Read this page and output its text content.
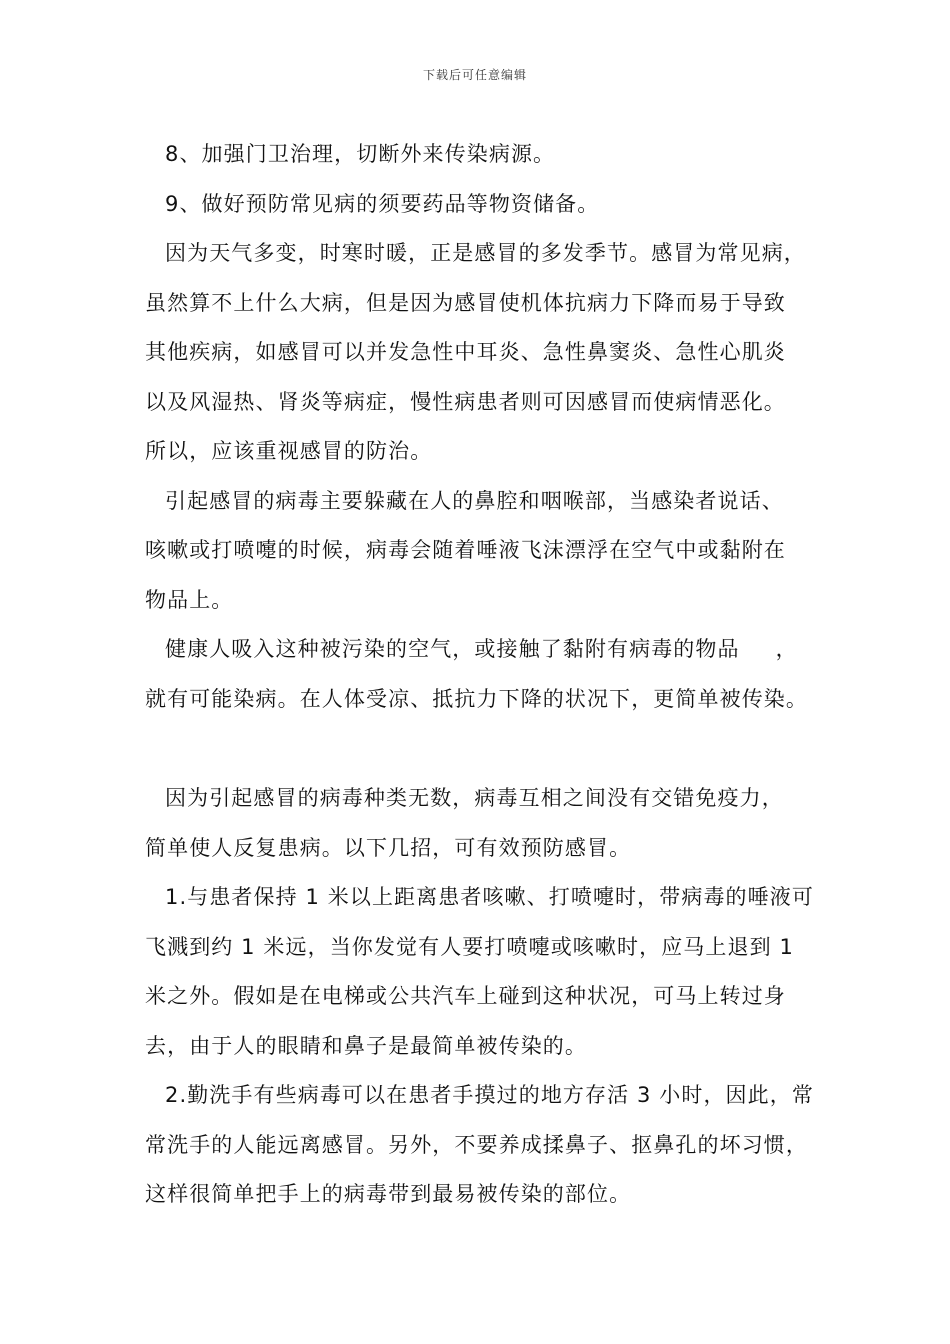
下载后可任意编辑
8、加强门卫治理，切断外来传染病源。
9、做好预防常见病的须要药品等物资储备。
因为天气多变，时寒时暖，正是感冒的多发季节。感冒为常见病，
虽然算不上什么大病，但是因为感冒使机体抗病力下降而易于导致
其他疾病，如感冒可以并发急性中耳炎、急性鼻窦炎、急性心肌炎
以及风湿热、肾炎等病症，慢性病患者则可因感冒而使病情恶化。
所以，应该重视感冒的防治。
引起感冒的病毒主要躲藏在人的鼻腔和咽喉部，当感染者说话、
咳嗽或打喷嚏的时候，病毒会随着唾液飞沫漂浮在空气中或黏附在
物品上。
健康人吸入这种被污染的空气，或接触了黏附有病毒的物品 ，
就有可能染病。在人体受凉、抵抗力下降的状况下，更简单被传染。
因为引起感冒的病毒种类无数，病毒互相之间没有交错免疫力，
简单使人反复患病。以下几招，可有效预防感冒。
1.与患者保持 1 米以上距离患者咳嗽、打喷嚏时，带病毒的唾液可
飞溅到约 1 米远，当你发觉有人要打喷嚏或咳嗽时，应马上退到 1
米之外。假如是在电梯或公共汽车上碰到这种状况，可马上转过身
去，由于人的眼睛和鼻子是最简单被传染的。
2.勤洗手有些病毒可以在患者手摸过的地方存活 3 小时，因此，常
常洗手的人能远离感冒。另外，不要养成揉鼻子、抠鼻孔的坏习惯，
这样很简单把手上的病毒带到最易被传染的部位。
